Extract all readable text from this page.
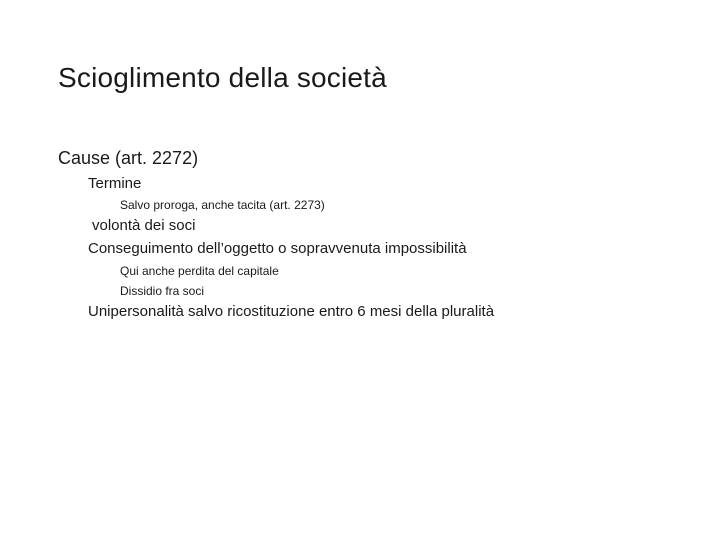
Scioglimento della società
Cause (art. 2272)
Termine
Salvo proroga, anche tacita (art. 2273)
volontà dei soci
Conseguimento dell’oggetto o sopravvenuta impossibilità
Qui anche perdita del capitale
Dissidio fra soci
Unipersonalità salvo ricostituzione entro 6 mesi della pluralità
